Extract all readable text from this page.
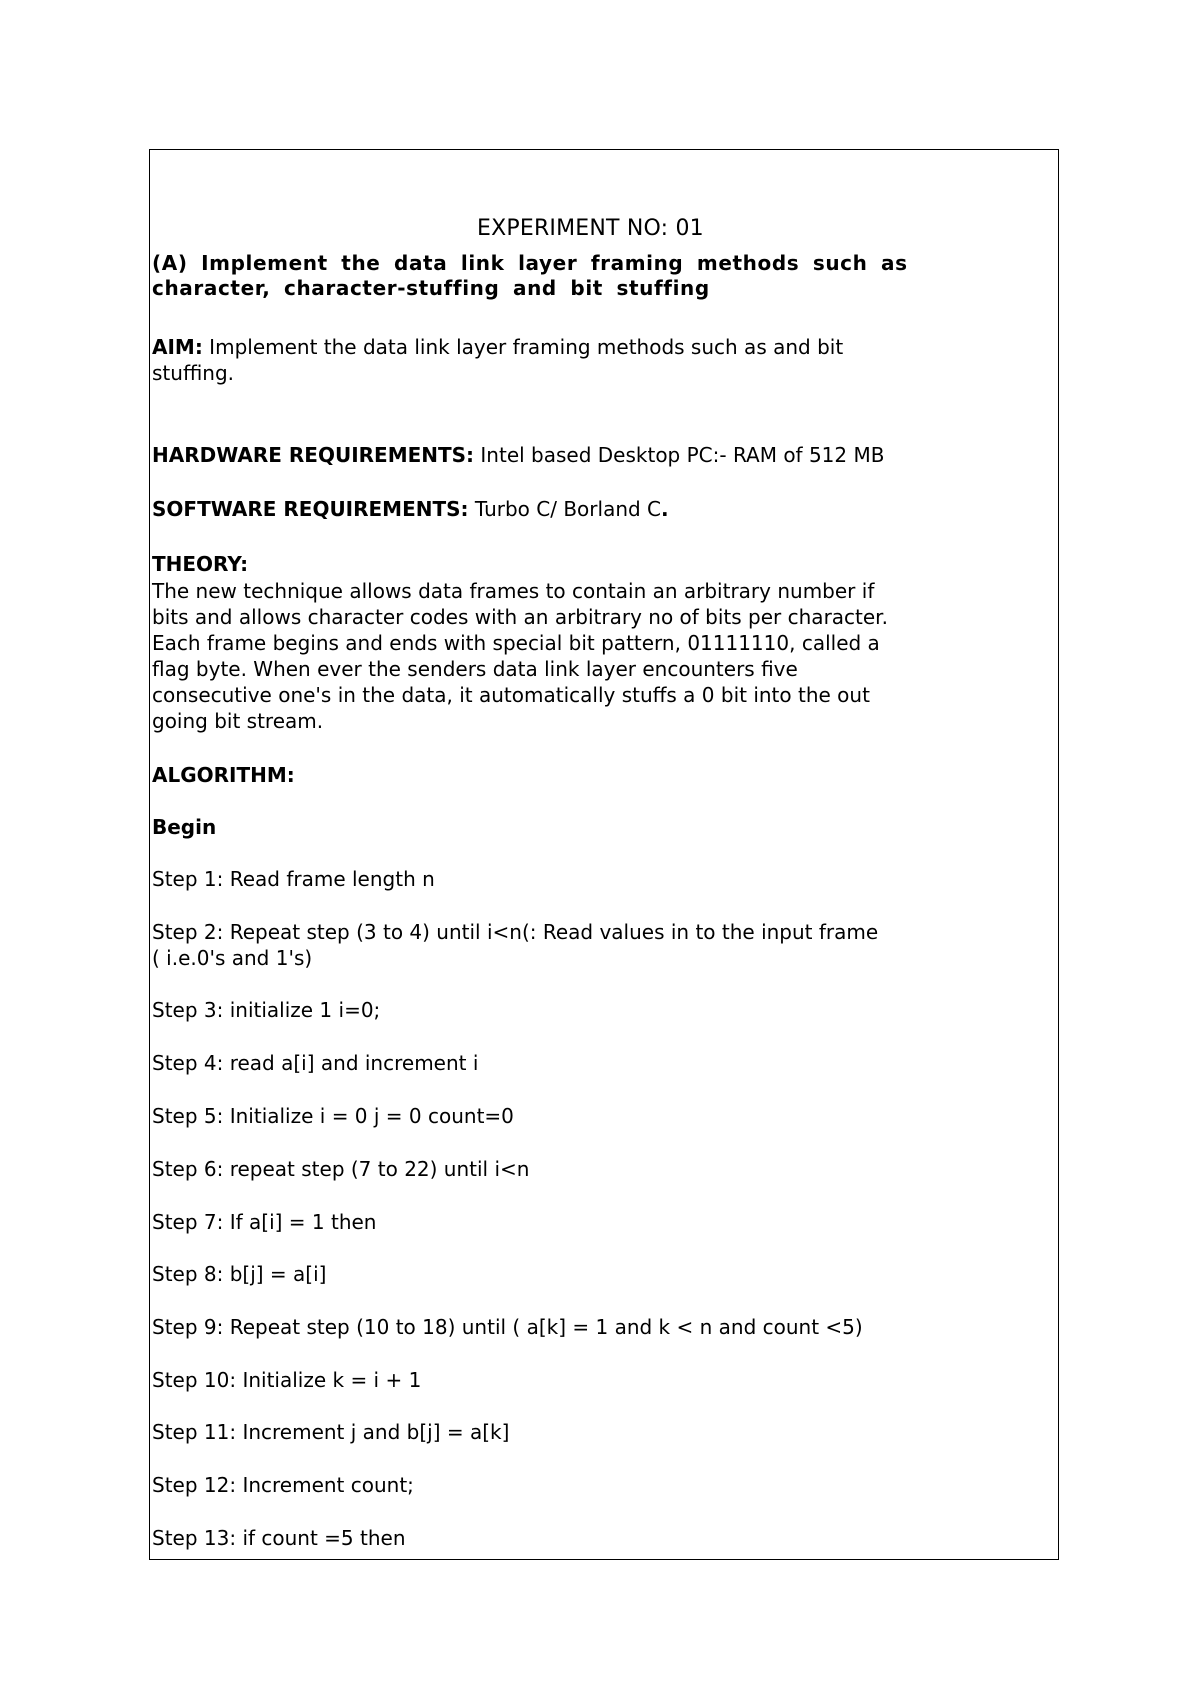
EXPERIMENT NO: 01
(A) Implement the data link layer framing methods such as
character, character-stuffing and bit stuffing
AIM: Implement the data link layer framing methods such as and bit
stuffing.
HARDWARE REQUIREMENTS: Intel based Desktop PC:- RAM of 512 MB
SOFTWARE REQUIREMENTS: Turbo C/ Borland C.
THEORY:
The new technique allows data frames to contain an arbitrary number if
bits and allows character codes with an arbitrary no of bits per character.
Each frame begins and ends with special bit pattern, 01111110, called a
flag byte. When ever the senders data link layer encounters five
consecutive one's in the data, it automatically stuffs a 0 bit into the out
going bit stream.
ALGORITHM:
Begin
Step 1: Read frame length n
Step 2: Repeat step (3 to 4) until i<n(: Read values in to the input frame
( i.e.0's and 1's)
Step 3: initialize 1 i=0;
Step 4: read a[i] and increment i
Step 5: Initialize i = 0 j = 0 count=0
Step 6: repeat step (7 to 22) until i<n
Step 7: If a[i] = 1 then
Step 8: b[j] = a[i]
Step 9: Repeat step (10 to 18) until ( a[k] = 1 and k < n and count <5)
Step 10: Initialize k = i + 1
Step 11: Increment j and b[j] = a[k]
Step 12: Increment count;
Step 13: if count =5 then
